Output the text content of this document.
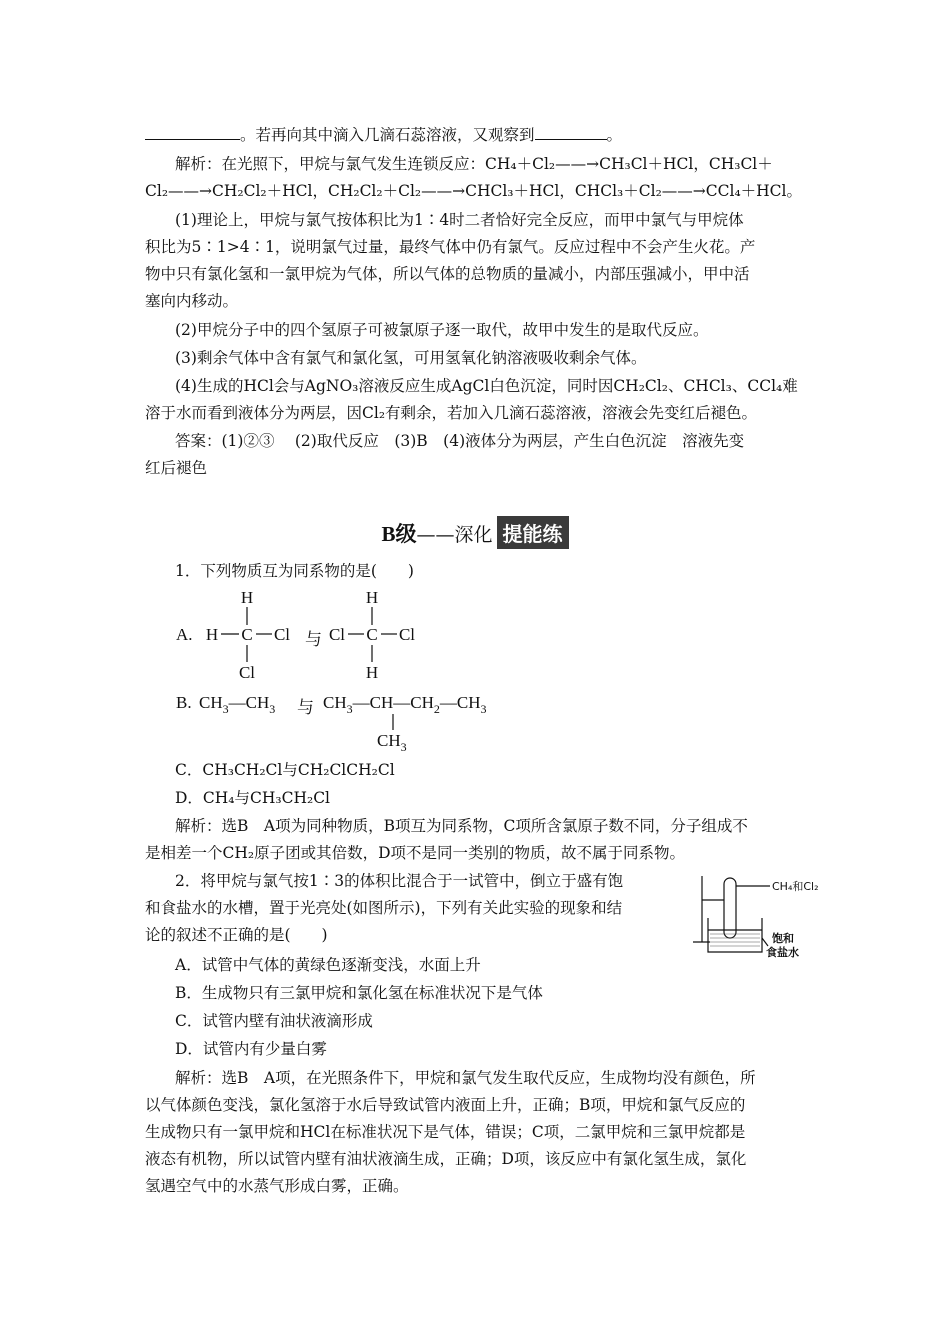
。若再向其中滴入几滴石蕊溶液，又观察到	。
解析：在光照下，甲烷与氯气发生连锁反应：CH₄＋Cl₂——→CH₃Cl＋HCl，CH₃Cl＋
Cl₂——→CH₂Cl₂＋HCl，CH₂Cl₂＋Cl₂——→CHCl₃＋HCl，CHCl₃＋Cl₂——→CCl₄＋HCl。
(1)理论上，甲烷与氯气按体积比为1∶4时二者恰好完全反应，而甲中氯气与甲烷体
积比为5∶1>4∶1，说明氯气过量，最终气体中仍有氯气。反应过程中不会产生火花。产
物中只有氯化氢和一氯甲烷为气体，所以气体的总物质的量减小，内部压强减小，甲中活
塞向内移动。
(2)甲烷分子中的四个氢原子可被氯原子逐一取代，故甲中发生的是取代反应。
(3)剩余气体中含有氯气和氯化氢，可用氢氧化钠溶液吸收剩余气体。
(4)生成的HCl会与AgNO₃溶液反应生成AgCl白色沉淀，同时因CH₂Cl₂、CHCl₃、CCl₄难
溶于水而看到液体分为两层，因Cl₂有剩余，若加入几滴石蕊溶液，溶液会先变红后褪色。
答案：(1)②③　 (2)取代反应　(3)B　(4)液体分为两层，产生白色沉淀　溶液先变
红后褪色
B级——深化 提能练
1．下列物质互为同系物的是(　　)
A.
H
H C Cl
Cl
H
Cl C Cl
H
与
B. $CH_3—CH_3$	$CH_3—CH—CH_2—CH_3$
$CH_3$
与
C．CH₃CH₂Cl与CH₂ClCH₂Cl
D．CH₄与CH₃CH₂Cl
解析：选B　A项为同种物质，B项互为同系物，C项所含氯原子数不同，分子组成不
是相差一个CH₂原子团或其倍数，D项不是同一类别的物质，故不属于同系物。
2．将甲烷与氯气按1∶3的体积比混合于一试管中，倒立于盛有饱
和食盐水的水槽，置于光亮处(如图所示)，下列有关此实验的现象和结
论的叙述不正确的是(　　)
CH₄和Cl₂
饱和
食盐水
A．试管中气体的黄绿色逐渐变浅，水面上升
B．生成物只有三氯甲烷和氯化氢在标准状况下是气体
C．试管内壁有油状液滴形成
D．试管内有少量白雾
解析：选B　A项，在光照条件下，甲烷和氯气发生取代反应，生成物均没有颜色，所
以气体颜色变浅，氯化氢溶于水后导致试管内液面上升，正确；B项，甲烷和氯气反应的
生成物只有一氯甲烷和HCl在标准状况下是气体，错误；C项，二氯甲烷和三氯甲烷都是
液态有机物，所以试管内壁有油状液滴生成，正确；D项，该反应中有氯化氢生成，氯化
氢遇空气中的水蒸气形成白雾，正确。
